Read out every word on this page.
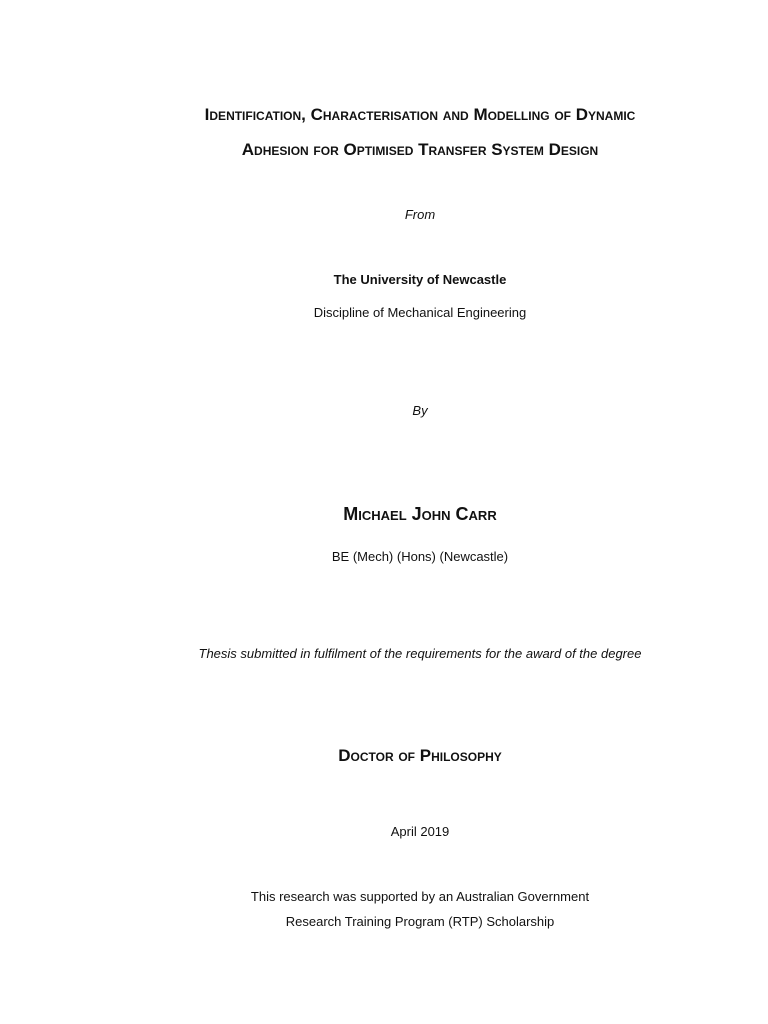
Identification, Characterisation and Modelling of Dynamic
Adhesion for Optimised Transfer System Design
From
The University of Newcastle
Discipline of Mechanical Engineering
By
Michael John Carr
BE (Mech) (Hons) (Newcastle)
Thesis submitted in fulfilment of the requirements for the award of the degree
Doctor of Philosophy
April 2019
This research was supported by an Australian Government
Research Training Program (RTP) Scholarship
